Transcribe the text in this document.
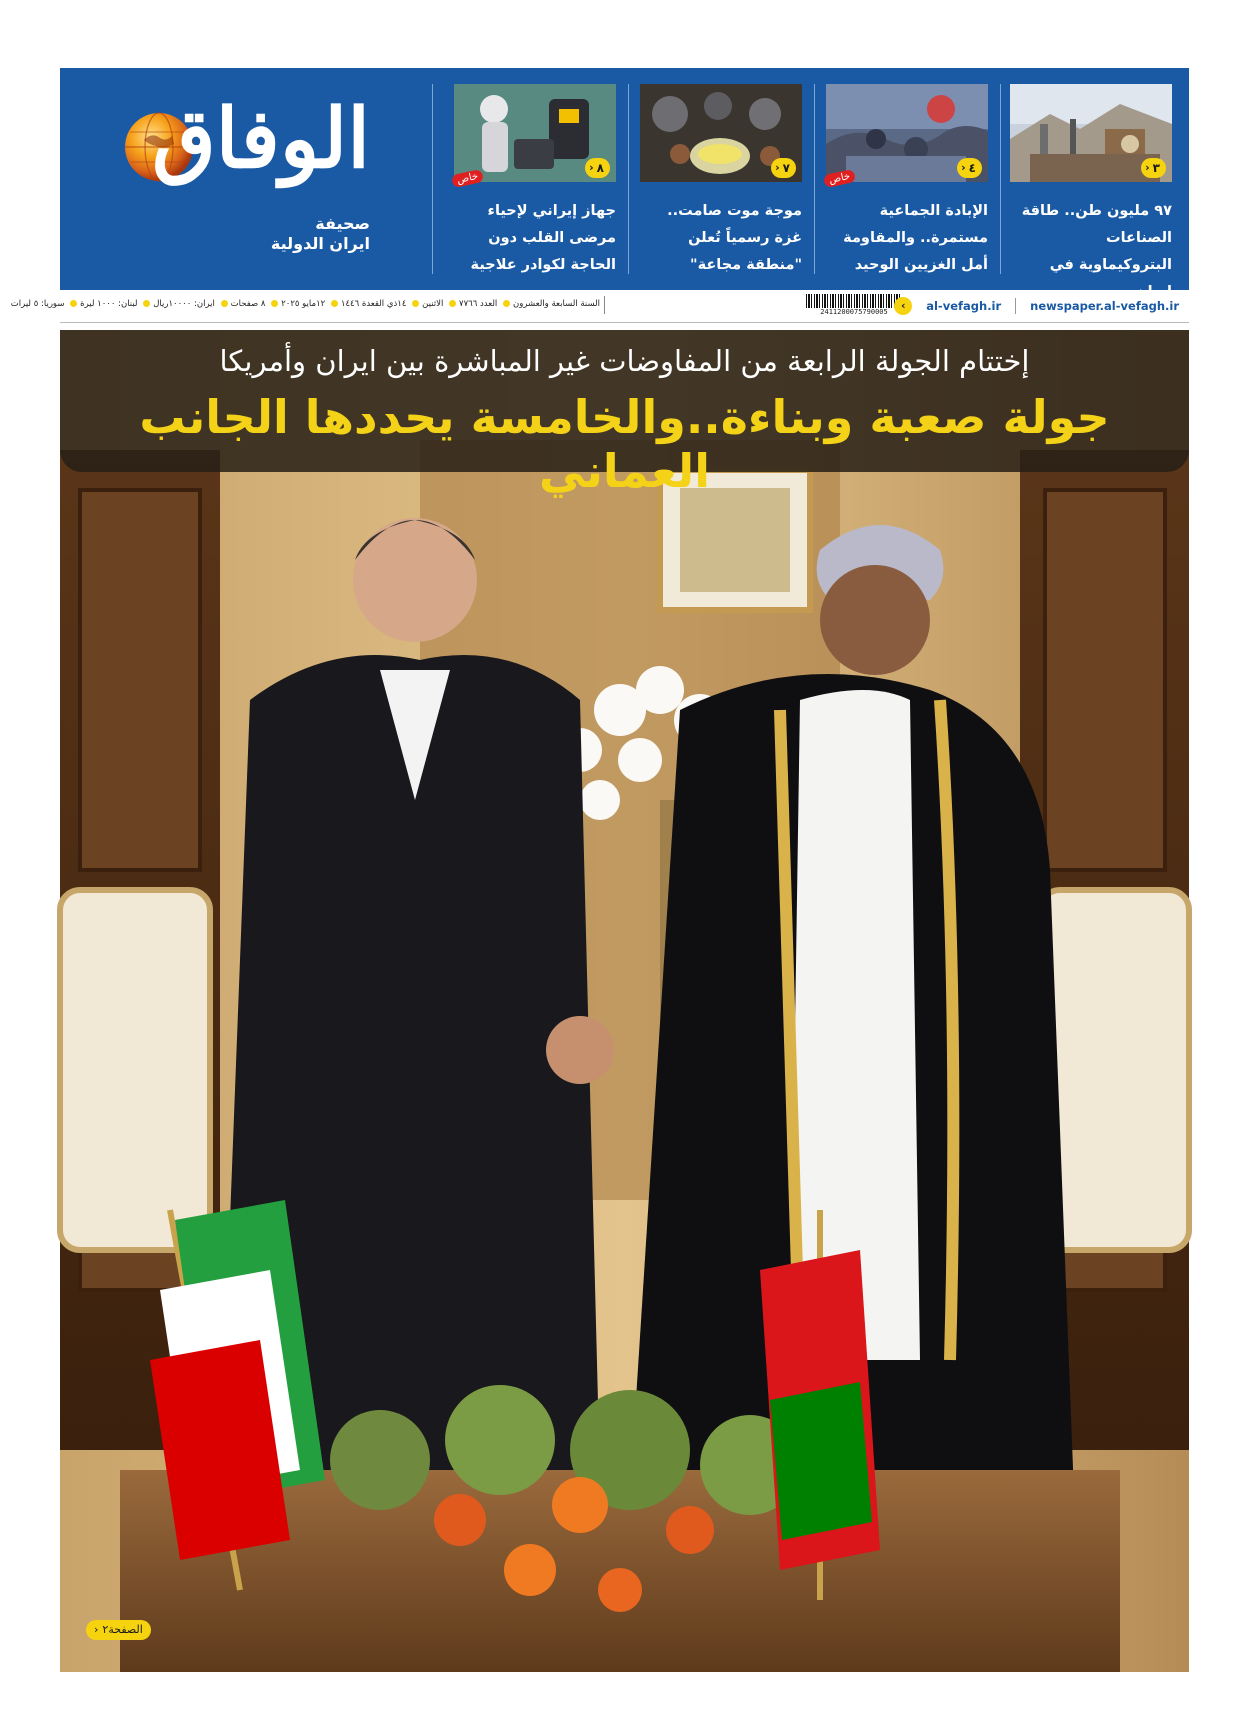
الوفاق
صحيفة
ايران الدولية
٣
‹
٩٧ مليون طن.. طاقة الصناعات البتروكيماوية في إيران
٤
‹
خاص
الإبادة الجماعية مستمرة.. والمقاومة أمل الغزيين الوحيد
٧
‹
موجة موت صامت.. غزة رسمياً تُعلن "منطقة مجاعة"
٨
‹
خاص
جهاز إيراني لإحياء مرضى القلب دون الحاجة لكوادر علاجية
السنة السابعة والعشرون العدد ٧٧٦٦ الاثنين ١٤ذي القعدة ١٤٤٦ ١٢مايو ٢٠٢٥ ٨ صفحات ايران: ١٠٠٠٠ريال لبنان: ١٠٠٠ ليرة سوريا: ٥ ليرات
2411200075790005	‹	al-vefagh.ir	newspaper.al-vefagh.ir
إختتام الجولة الرابعة من المفاوضات غير المباشرة بين ايران وأمريكا
جولة صعبة وبناءة..والخامسة يحددها الجانب العماني
الصفحة٢
‹
